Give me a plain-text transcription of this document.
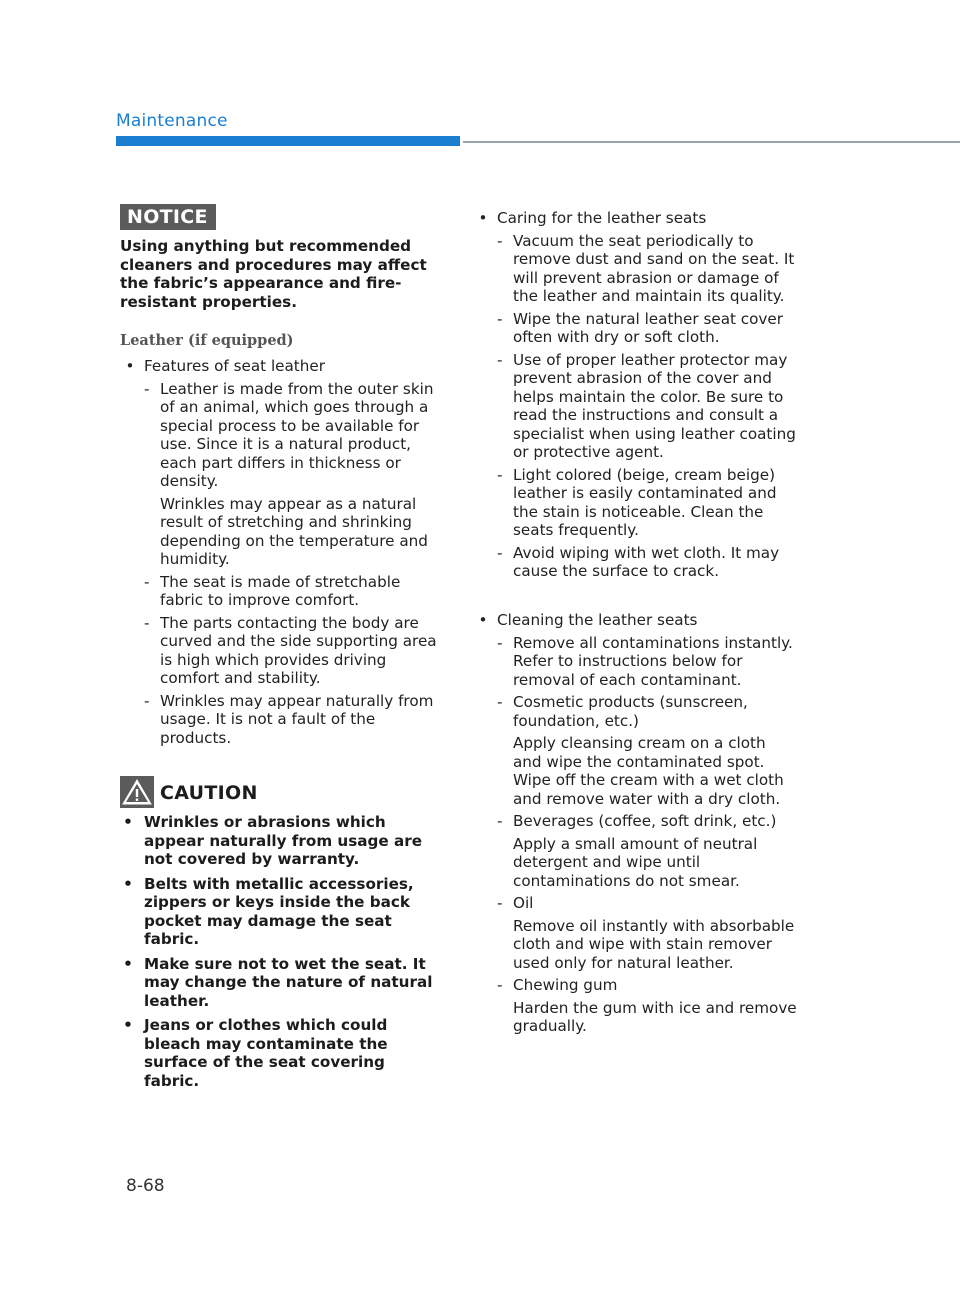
Maintenance
NOTICE
Using anything but recommended cleaners and procedures may affect the fabric’s appearance and fire-resistant properties.
Leather (if equipped)
• Features of seat leather
- Leather is made from the outer skin of an animal, which goes through a special process to be available for use. Since it is a natural product, each part differs in thickness or density.
Wrinkles may appear as a natural result of stretching and shrinking depending on the temperature and humidity.
- The seat is made of stretchable fabric to improve comfort.
- The parts contacting the body are curved and the side supporting area is high which provides driving comfort and stability.
- Wrinkles may appear naturally from usage. It is not a fault of the products.
CAUTION
• Wrinkles or abrasions which appear naturally from usage are not covered by warranty.
• Belts with metallic accessories, zippers or keys inside the back pocket may damage the seat fabric.
• Make sure not to wet the seat. It may change the nature of natural leather.
• Jeans or clothes which could bleach may contaminate the surface of the seat covering fabric.
• Caring for the leather seats
- Vacuum the seat periodically to remove dust and sand on the seat. It will prevent abrasion or damage of the leather and maintain its quality.
- Wipe the natural leather seat cover often with dry or soft cloth.
- Use of proper leather protector may prevent abrasion of the cover and helps maintain the color. Be sure to read the instructions and consult a specialist when using leather coating or protective agent.
- Light colored (beige, cream beige) leather is easily contaminated and the stain is noticeable. Clean the seats frequently.
- Avoid wiping with wet cloth. It may cause the surface to crack.
• Cleaning the leather seats
- Remove all contaminations instantly. Refer to instructions below for removal of each contaminant.
- Cosmetic products (sunscreen, foundation, etc.)
Apply cleansing cream on a cloth and wipe the contaminated spot. Wipe off the cream with a wet cloth and remove water with a dry cloth.
- Beverages (coffee, soft drink, etc.)
Apply a small amount of neutral detergent and wipe until contaminations do not smear.
- Oil
Remove oil instantly with absorbable cloth and wipe with stain remover used only for natural leather.
- Chewing gum
Harden the gum with ice and remove gradually.
8-68
